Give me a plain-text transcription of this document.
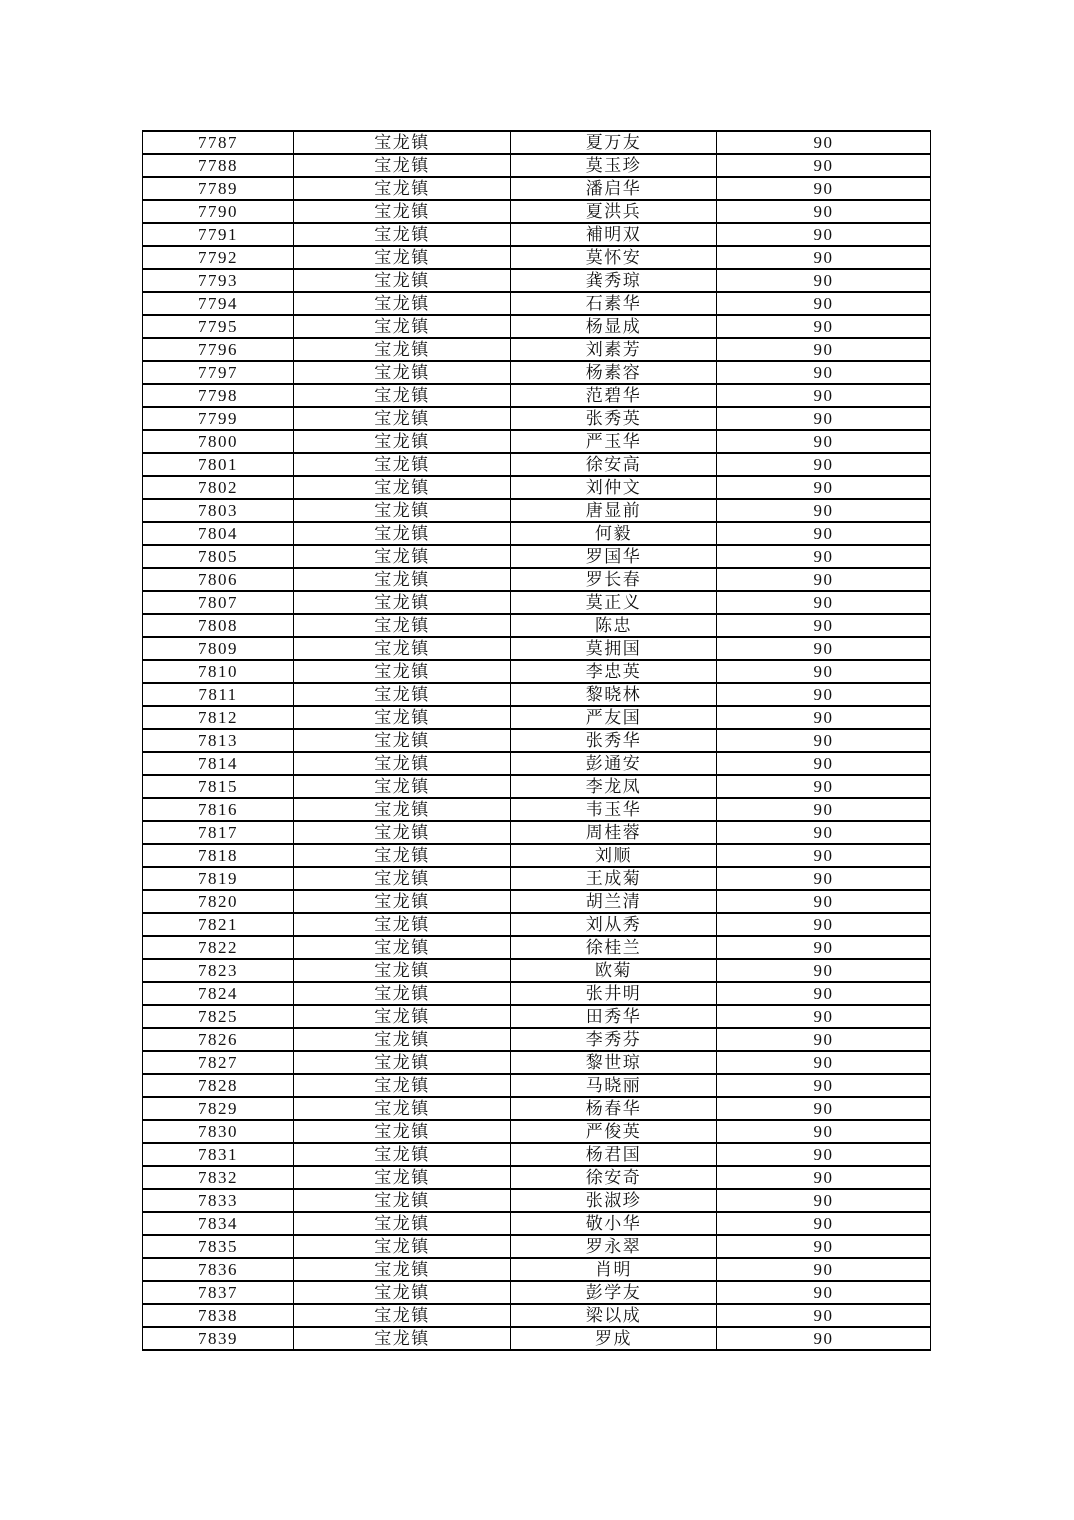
7787	宝龙镇	夏万友	90
7788	宝龙镇	莫玉珍	90
7789	宝龙镇	潘启华	90
7790	宝龙镇	夏洪兵	90
7791	宝龙镇	補明双	90
7792	宝龙镇	莫怀安	90
7793	宝龙镇	龚秀琼	90
7794	宝龙镇	石素华	90
7795	宝龙镇	杨显成	90
7796	宝龙镇	刘素芳	90
7797	宝龙镇	杨素容	90
7798	宝龙镇	范碧华	90
7799	宝龙镇	张秀英	90
7800	宝龙镇	严玉华	90
7801	宝龙镇	徐安高	90
7802	宝龙镇	刘仲文	90
7803	宝龙镇	唐显前	90
7804	宝龙镇	何毅	90
7805	宝龙镇	罗国华	90
7806	宝龙镇	罗长春	90
7807	宝龙镇	莫正义	90
7808	宝龙镇	陈忠	90
7809	宝龙镇	莫拥国	90
7810	宝龙镇	李忠英	90
7811	宝龙镇	黎晓林	90
7812	宝龙镇	严友国	90
7813	宝龙镇	张秀华	90
7814	宝龙镇	彭通安	90
7815	宝龙镇	李龙凤	90
7816	宝龙镇	韦玉华	90
7817	宝龙镇	周桂蓉	90
7818	宝龙镇	刘顺	90
7819	宝龙镇	王成菊	90
7820	宝龙镇	胡兰清	90
7821	宝龙镇	刘从秀	90
7822	宝龙镇	徐桂兰	90
7823	宝龙镇	欧菊	90
7824	宝龙镇	张井明	90
7825	宝龙镇	田秀华	90
7826	宝龙镇	李秀芬	90
7827	宝龙镇	黎世琼	90
7828	宝龙镇	马晓丽	90
7829	宝龙镇	杨春华	90
7830	宝龙镇	严俊英	90
7831	宝龙镇	杨君国	90
7832	宝龙镇	徐安奇	90
7833	宝龙镇	张淑珍	90
7834	宝龙镇	敬小华	90
7835	宝龙镇	罗永翠	90
7836	宝龙镇	肖明	90
7837	宝龙镇	彭学友	90
7838	宝龙镇	梁以成	90
7839	宝龙镇	罗成	90
